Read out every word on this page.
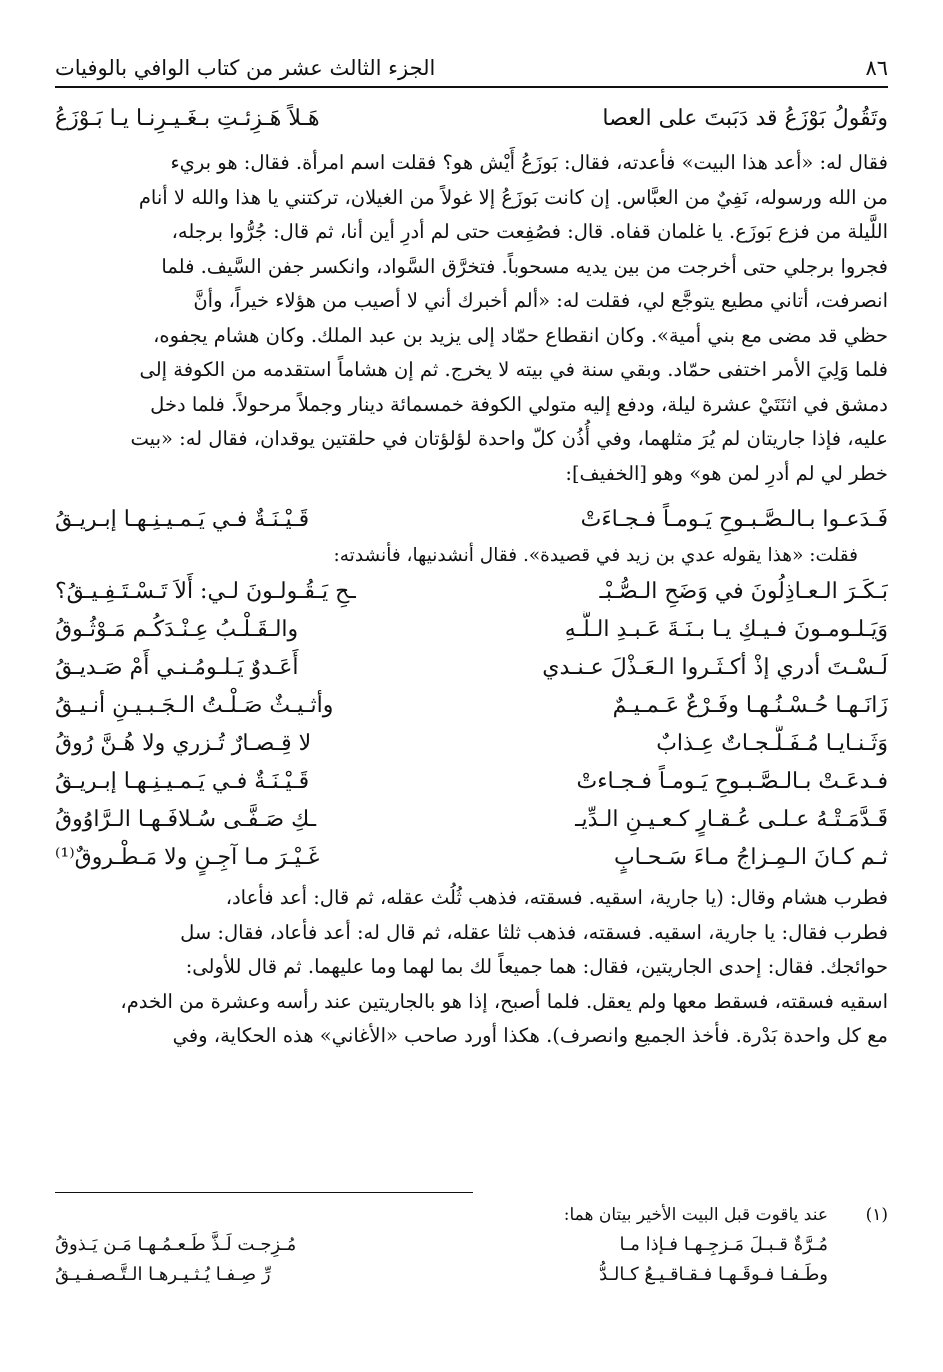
٨٦
الجزء الثالث عشر من كتاب الوافي بالوفيات
وتَقُولُ بَوْزَعُ قد دَبَبتَ على العصا
هَـلاً هَـزِئـتِ بـغَـيـرِنـا يـا بَـوْزَعُ

فقال له: «أعد هذا البيت» فأعدته، فقال: بَوزَعُ أَيْش هو؟ فقلت اسم امرأة. فقال: هو بريء

من الله ورسوله، نَفِيٌ من العبَّاس. إن كانت بَوزَعُ إلا غولاً من الغيلان، تركتني يا هذا والله لا أنام

اللَّيلة من فزع بَوزَع. يا غلمان قفاه. قال: فصُفِعت حتى لم أدرِ أين أنا، ثم قال: جُرُّوا برجله،

فجروا برجلي حتى أخرجت من بين يديه مسحوباً. فتخرَّق السَّواد، وانكسر جفن السَّيف. فلما

انصرفت، أتاني مطيع يتوجَّع لي، فقلت له: «ألم أخبرك أني لا أصيب من هؤلاء خيراً، وأنَّ

حظي قد مضى مع بني أمية». وكان انقطاع حمّاد إلى يزيد بن عبد الملك. وكان هشام يجفوه،

فلما وَلِيَ الأمر اختفى حمّاد. وبقي سنة في بيته لا يخرج. ثم إن هشاماً استقدمه من الكوفة إلى

دمشق في اثنَتَيْ عشرة ليلة، ودفع إليه متولي الكوفة خمسمائة دينار وجملاً مرحولاً. فلما دخل

عليه، فإذا جاريتان لم يُرَ مثلهما، وفي أُذُن كلّ واحدة لؤلؤتان في حلقتين يوقدان، فقال له: «بيت

خطر لي لم أدرِ لمن هو» وهو [الخفيف]:

فَـدَعـوا بـالـصَّـبـوحِ يَـومـاً فـجـاءَتْ
قَـيْـنَـةٌ فـي يَـمـيـنِـهـا إبـريـقُ

فقلت: «هذا يقوله عدي بن زيد في قصيدة». فقال أنشدنيها، فأنشدته:

بَـكَـرَ الـعـاذِلُونَ في وَضَحِ الـصُّـبْـ
ـحِ يَـقُـولـونَ لـي: أَلاَ تَـسْـتَـفِـيـقُ؟
وَيَـلـومـونَ فـيـكِ يـا بـنَـةَ عَـبـدِ الـلَّـهِ
والـقَـلْـبُ عِـنْـدَكُـم مَـوْثُـوقُ
لَـسْـتَ أدري إذْ أكـثَـروا الـعَـذْلَ عـنـدي
أَعَـدوٌ يَـلـومُـنـي أَمْ صَـديـقُ
زَانَـهـا حُـسْـنُـهـا وفَـرْعٌ عَـمـيـمٌ
وأثـيـثٌ صَـلْـتُ الـجَـبـيـنِ أنـيـقُ
وَثَـنـايـا مُـفَـلَّـجـاتٌ عِـذابٌ
لا قِـصـارٌ تُـزري ولا هُـنَّ رُوقُ
فـدعَـتْ بـالـصَّـبـوحِ يَـومـاً فـجـاءتْ
قَـيْـنَـةٌ فـي يَـمـيـنِـهـا إبـريـقُ
قَـدَّمَـتْـهُ عـلـى عُـقـارٍ كـعـيـنِ الـدِّيـ
ـكِ صَـفَّـى سُـلافَـهـا الـرَّاوُوقُ
ثـم كـانَ الـمِـزاجُ مـاءَ سَـحـابٍ
غَـيْـرَ مـا آجِـنٍ ولا مَـطْـروقٌ⁽¹⁾

فطرب هشام وقال: (يا جارية، اسقيه. فسقته، فذهب ثُلُث عقله، ثم قال: أعد فأعاد،

فطرب فقال: يا جارية، اسقيه. فسقته، فذهب ثلثا عقله، ثم قال له: أعد فأعاد، فقال: سل

حوائجك. فقال: إحدى الجاريتين، فقال: هما جميعاً لك بما لهما وما عليهما. ثم قال للأولى:

اسقيه فسقته، فسقط معها ولم يعقل. فلما أصبح، إذا هو بالجاريتين عند رأسه وعشرة من الخدم،

مع كل واحدة بَدْرة. فأخذ الجميع وانصرف). هكذا أورد صاحب «الأغاني» هذه الحكاية، وفي

(١)
عند ياقوت قبل البيت الأخير بيتان هما:
مُـرَّةٌ قـبـلَ مَـزجِـهـا فـإذا مـا
مُـزِجـت لَـذَّ طَـعـمُـهـا مَـن يَـذوقُ
وطَـفـا فـوقَـهـا فـقـاقـيـعُ كـالـدُّ
رِّ صِـفـا يُـثـيـرهـا الـتَّـصـفـيـقُ
